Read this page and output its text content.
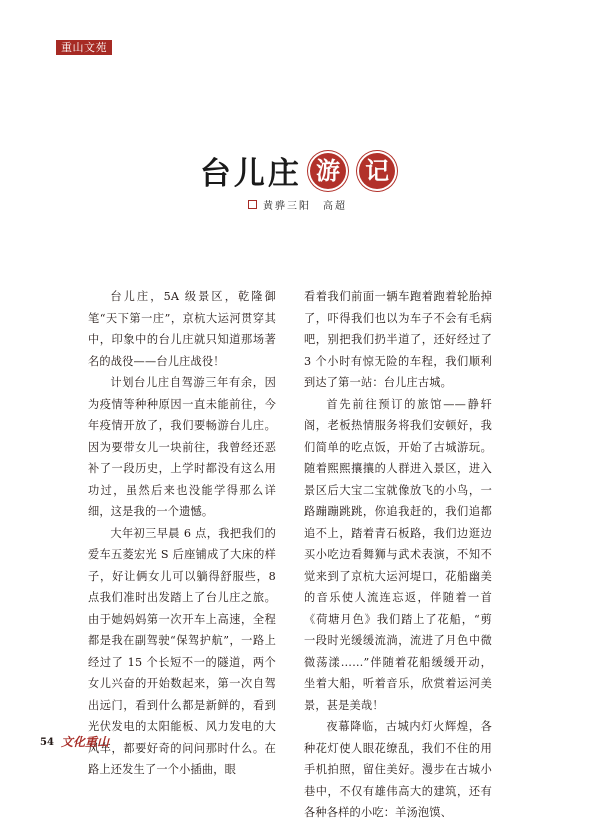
重山文苑
台儿庄 游 记
黄骅三阳　高超

台儿庄，5A 级景区，乾隆御笔“天下第一庄”，京杭大运河贯穿其中，印象中的台儿庄就只知道那场著名的战役——台儿庄战役！

计划台儿庄自驾游三年有余，因为疫情等种种原因一直未能前往，今年疫情开放了，我们要畅游台儿庄。因为要带女儿一块前往，我曾经还恶补了一段历史，上学时都没有这么用功过，虽然后来也没能学得那么详细，这是我的一个遗憾。

大年初三早晨 6 点，我把我们的爱车五菱宏光 S 后座铺成了大床的样子，好让俩女儿可以躺得舒服些，8 点我们准时出发踏上了台儿庄之旅。由于她妈妈第一次开车上高速，全程都是我在副驾驶“保驾护航”，一路上经过了 15 个长短不一的隧道，两个女儿兴奋的开始数起来，第一次自驾出远门，看到什么都是新鲜的，看到光伏发电的太阳能板、风力发电的大风车，都要好奇的问问那时什么。在路上还发生了一个小插曲，眼

看着我们前面一辆车跑着跑着轮胎掉了，吓得我们也以为车子不会有毛病吧，别把我们扔半道了，还好经过了 3 个小时有惊无险的车程，我们顺利到达了第一站：台儿庄古城。

首先前往预订的旅馆——静轩阁，老板热情服务将我们安顿好，我们简单的吃点饭，开始了古城游玩。随着熙熙攘攘的人群进入景区，进入景区后大宝二宝就像放飞的小鸟，一路蹦蹦跳跳，你追我赶的，我们追都追不上，踏着青石板路，我们边逛边买小吃边看舞狮与武术表演，不知不觉来到了京杭大运河堤口，花船幽美的音乐使人流连忘返，伴随着一首《荷塘月色》我们踏上了花船，“剪一段时光缓缓流淌，流进了月色中微微荡漾……”伴随着花船缓缓开动，坐着大船，听着音乐，欣赏着运河美景，甚是美哉！

夜幕降临，古城内灯火辉煌，各种花灯使人眼花缭乱，我们不住的用手机拍照，留住美好。漫步在古城小巷中，不仅有雄伟高大的建筑，还有各种各样的小吃：羊汤泡馍、

54 文化重山
